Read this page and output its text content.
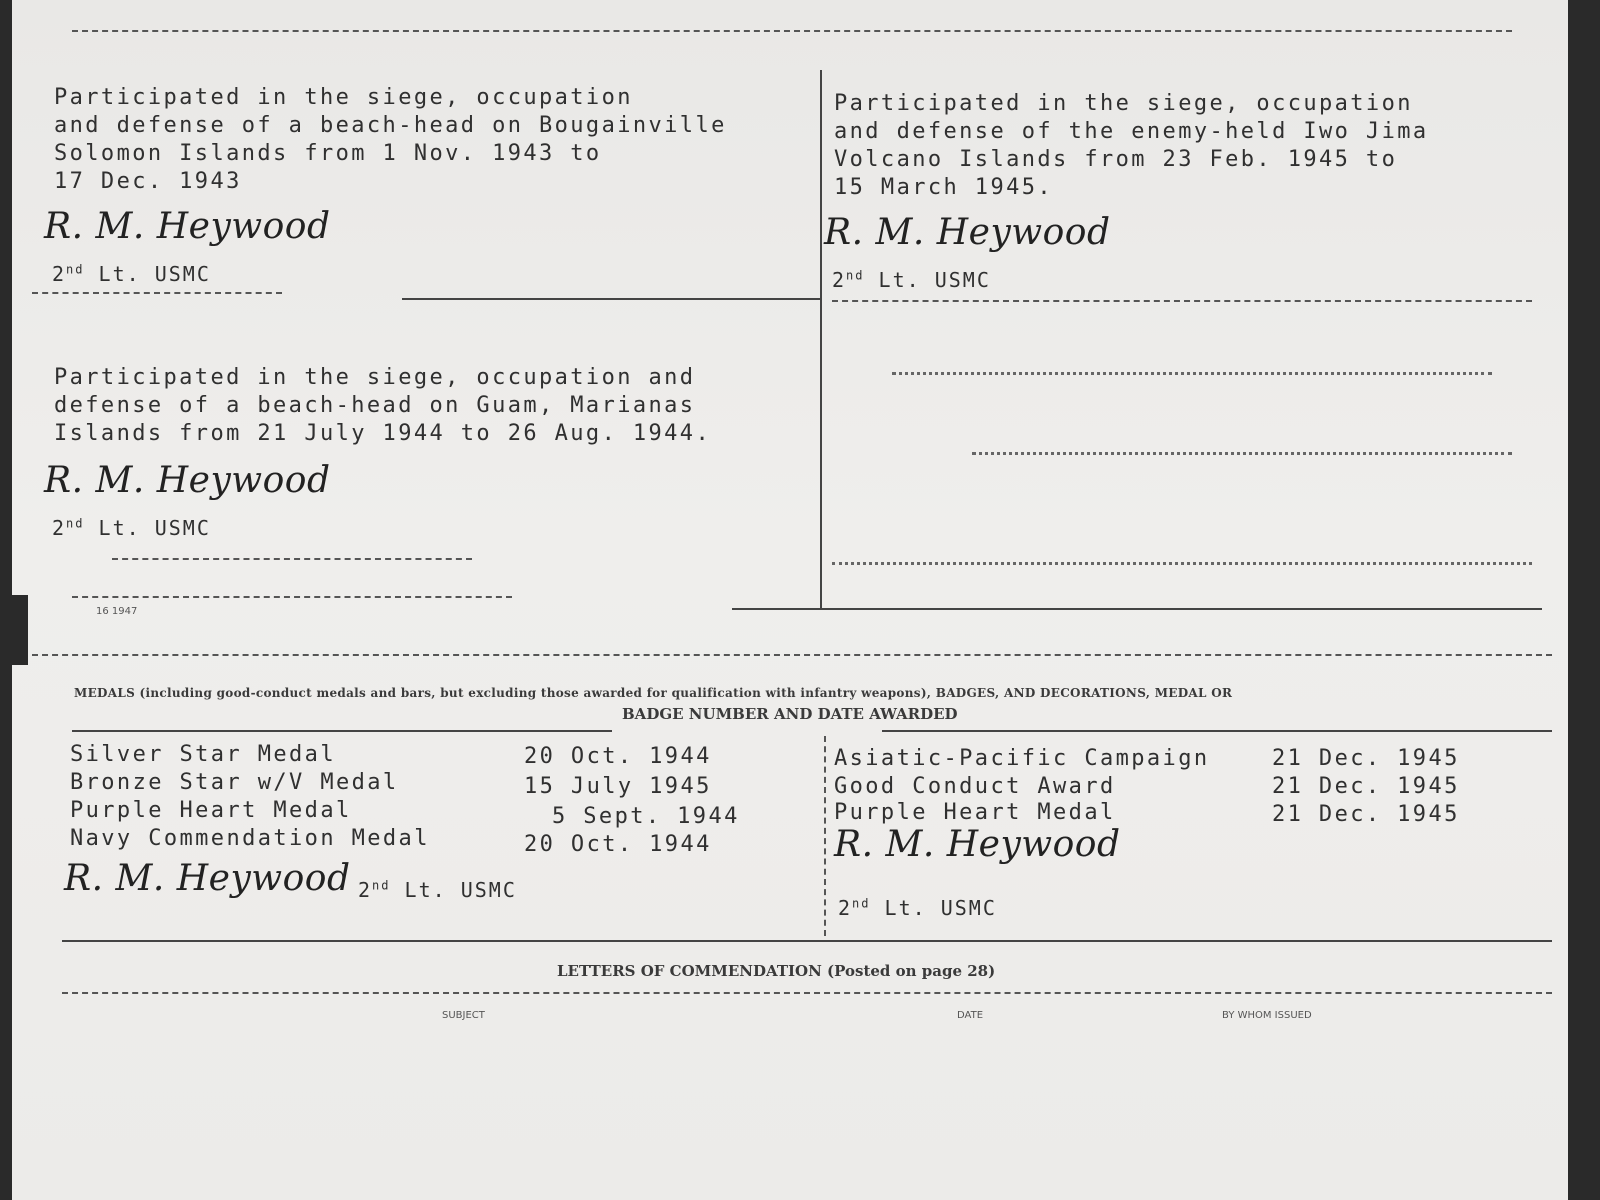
Participated in the siege, occupation
and defense of a beach-head on Bougainville
Solomon Islands from 1 Nov. 1943 to
17 Dec. 1943
R. M. Heywood
2nd Lt. USMC
Participated in the siege, occupation
and defense of the enemy-held Iwo Jima
Volcano Islands from 23 Feb. 1945 to
15 March 1945.
R. M. Heywood
2nd Lt. USMC
Participated in the siege, occupation and
defense of a beach-head on Guam, Marianas
Islands from 21 July 1944 to 26 Aug. 1944.
R. M. Heywood
2nd Lt. USMC
16 1947
MEDALS (including good-conduct medals and bars, but excluding those awarded for qualification with infantry weapons), BADGES, AND DECORATIONS, MEDAL OR
BADGE NUMBER AND DATE AWARDED
Silver Star Medal	20 Oct. 1944
Bronze Star w/V Medal	15 July 1945
Purple Heart Medal	5 Sept. 1944
Navy Commendation Medal	20 Oct. 1944
R. M. Heywood 2nd Lt. USMC
Asiatic-Pacific Campaign	21 Dec. 1945
Good Conduct Award	21 Dec. 1945
Purple Heart Medal	21 Dec. 1945
R. M. Heywood
2nd Lt. USMC
LETTERS OF COMMENDATION (Posted on page 28)
SUBJECT	DATE	BY WHOM ISSUED
